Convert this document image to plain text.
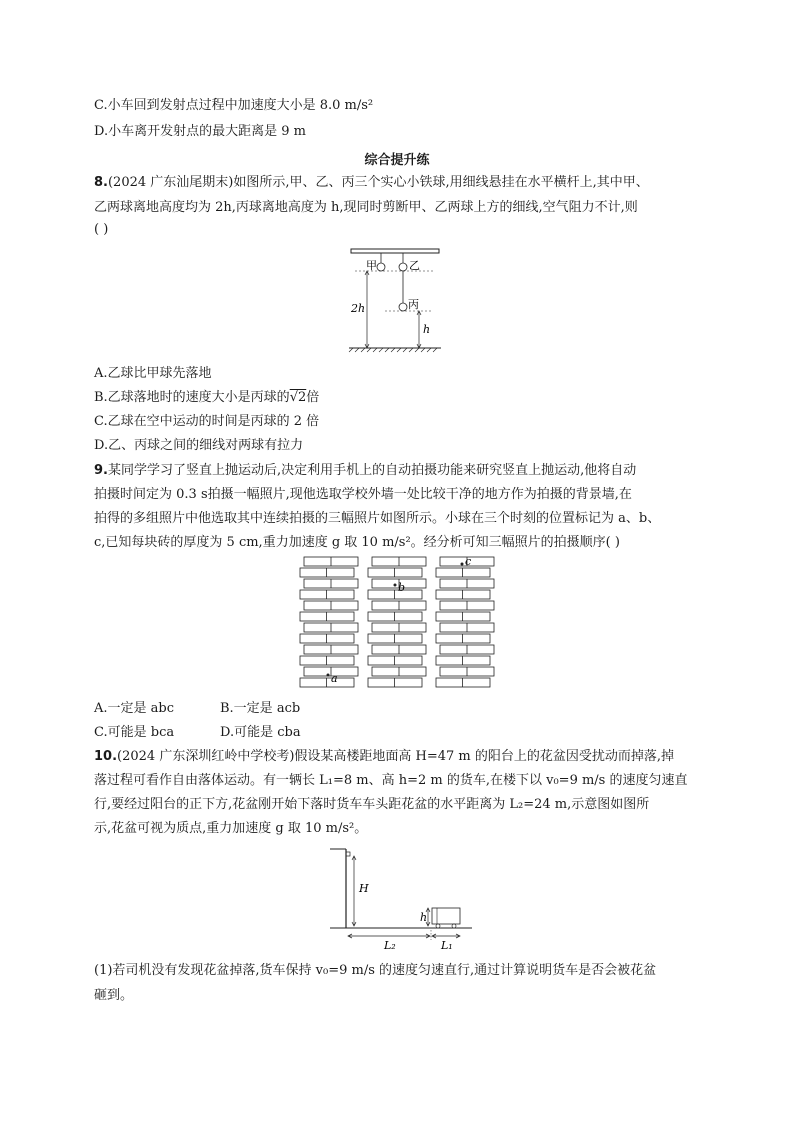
C.小车回到发射点过程中加速度大小是 8.0 m/s²
D.小车离开发射点的最大距离是 9 m
综合提升练
8.(2024 广东汕尾期末)如图所示,甲、乙、丙三个实心小铁球,用细线悬挂在水平横杆上,其中甲、
乙两球离地高度均为 2h,丙球离地高度为 h,现同时剪断甲、乙两球上方的细线,空气阻力不计,则
( )
甲	乙
丙
2h
h
A.乙球比甲球先落地
B.乙球落地时的速度大小是丙球的√2倍
C.乙球在空中运动的时间是丙球的 2 倍
D.乙、丙球之间的细线对两球有拉力
9.某同学学习了竖直上抛运动后,决定利用手机上的自动拍摄功能来研究竖直上抛运动,他将自动
拍摄时间定为 0.3 s拍摄一幅照片,现他选取学校外墙一处比较干净的地方作为拍摄的背景墙,在
拍得的多组照片中他选取其中连续拍摄的三幅照片如图所示。小球在三个时刻的位置标记为 a、b、
c,已知每块砖的厚度为 5 cm,重力加速度 g 取 10 m/s²。经分析可知三幅照片的拍摄顺序( )
a
b
c
A.一定是 abc	B.一定是 acb
C.可能是 bca	D.可能是 cba
10.(2024 广东深圳红岭中学校考)假设某高楼距地面高 H=47 m 的阳台上的花盆因受扰动而掉落,掉
落过程可看作自由落体运动。有一辆长 L₁=8 m、高 h=2 m 的货车,在楼下以 v₀=9 m/s 的速度匀速直
行,要经过阳台的正下方,花盆刚开始下落时货车车头距花盆的水平距离为 L₂=24 m,示意图如图所
示,花盆可视为质点,重力加速度 g 取 10 m/s²。
H
h
L₂	L₁
(1)若司机没有发现花盆掉落,货车保持 v₀=9 m/s 的速度匀速直行,通过计算说明货车是否会被花盆
砸到。
